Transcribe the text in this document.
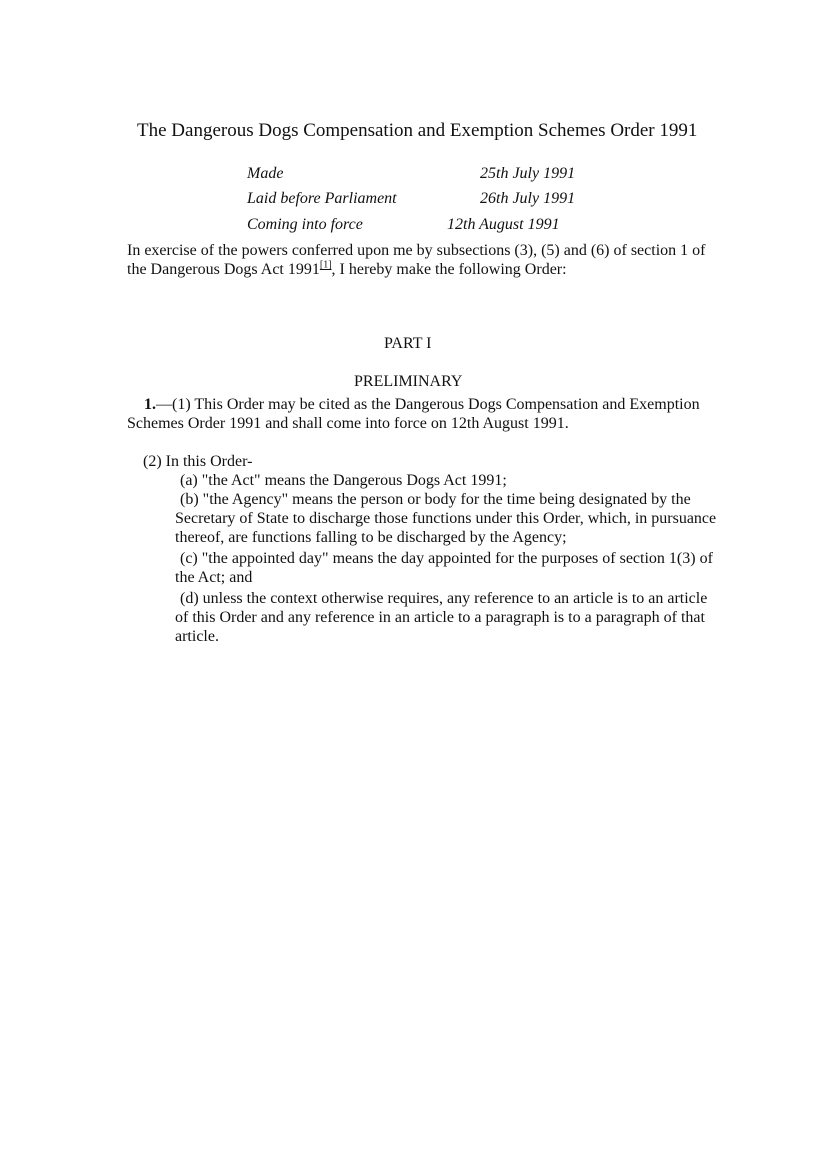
The Dangerous Dogs Compensation and Exemption Schemes Order 1991
Made	25th July 1991
Laid before Parliament	26th July 1991
Coming into force	12th August 1991
In exercise of the powers conferred upon me by subsections (3), (5) and (6) of section 1 of
the Dangerous Dogs Act 1991[1], I hereby make the following Order:
PART I
PRELIMINARY
1.—(1) This Order may be cited as the Dangerous Dogs Compensation and Exemption
Schemes Order 1991 and shall come into force on 12th August 1991.
(2) In this Order-
(a) "the Act" means the Dangerous Dogs Act 1991;
(b) "the Agency" means the person or body for the time being designated by the
Secretary of State to discharge those functions under this Order, which, in pursuance
thereof, are functions falling to be discharged by the Agency;
(c) "the appointed day" means the day appointed for the purposes of section 1(3) of
the Act; and
(d) unless the context otherwise requires, any reference to an article is to an article
of this Order and any reference in an article to a paragraph is to a paragraph of that
article.
